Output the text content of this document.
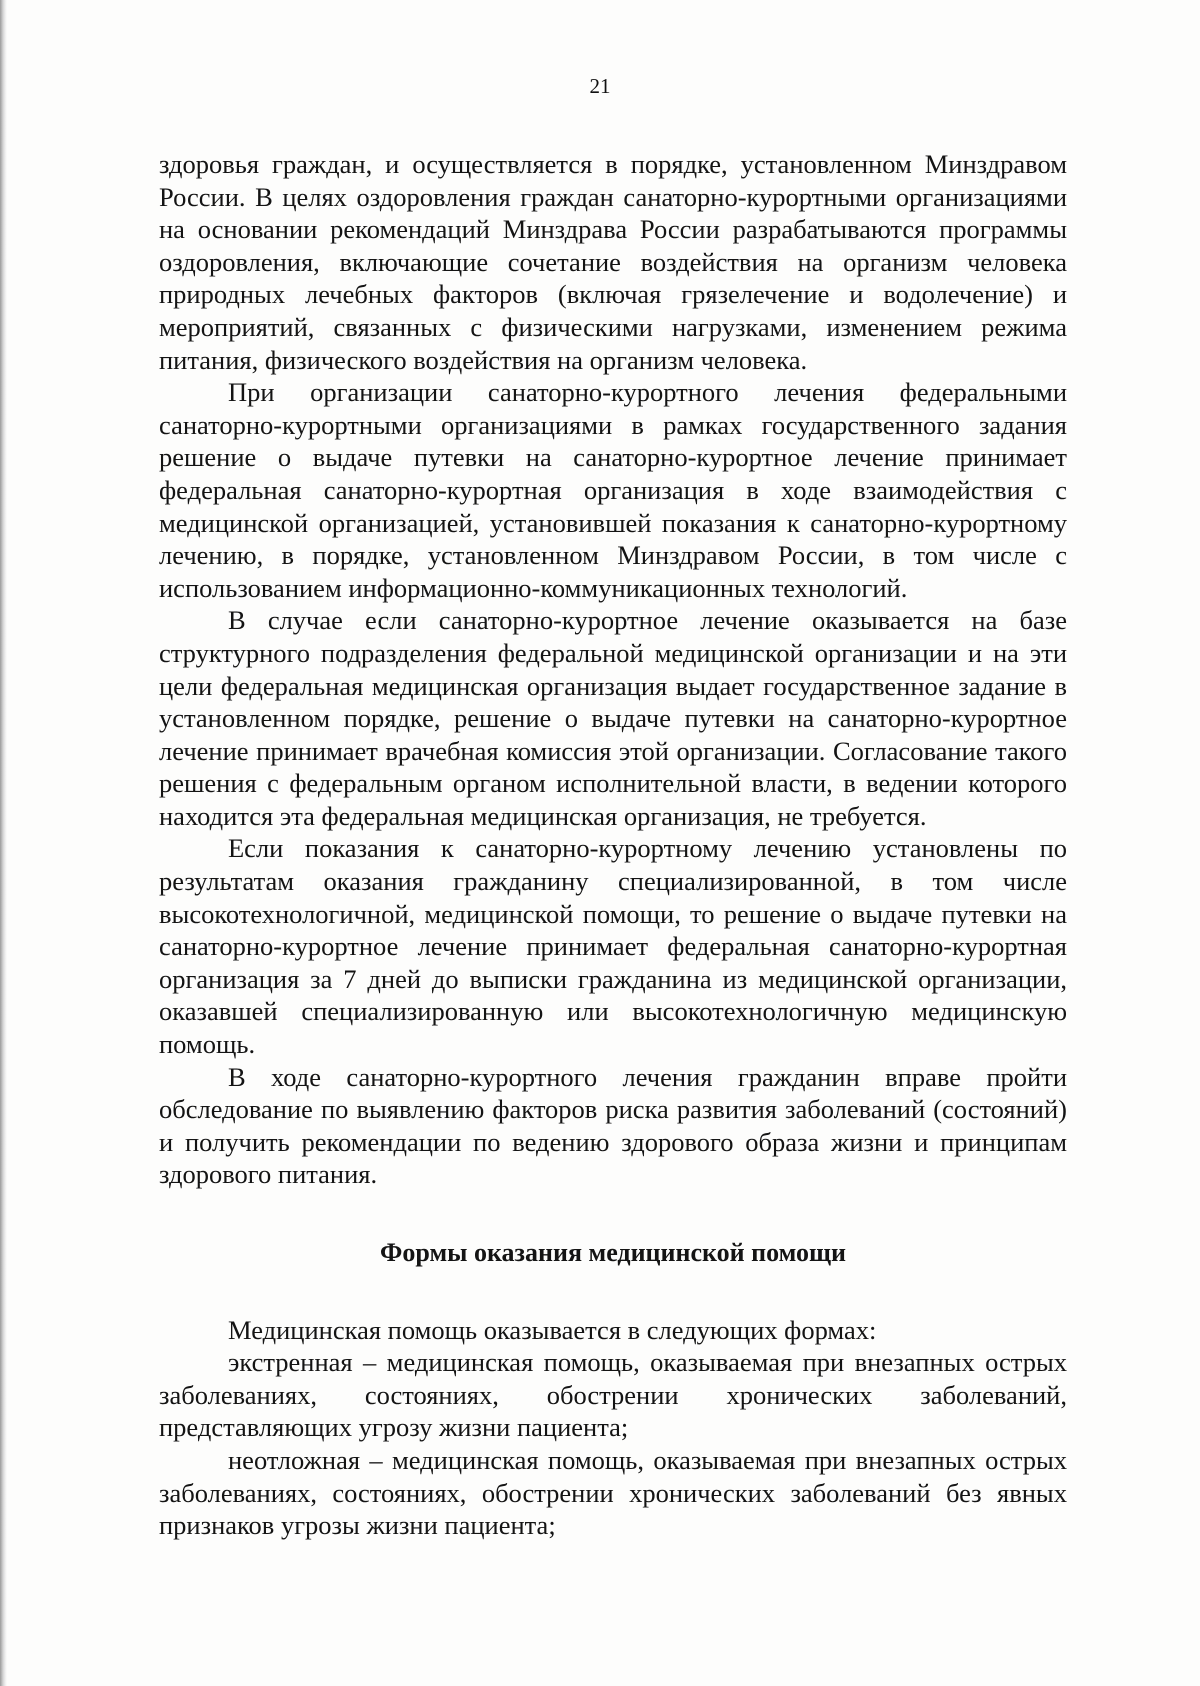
21

здоровья граждан, и осуществляется в порядке, установленном Минздравом России. В целях оздоровления граждан санаторно-курортными организациями на основании рекомендаций Минздрава России разрабатываются программы оздоровления, включающие сочетание воздействия на организм человека природных лечебных факторов (включая грязелечение и водолечение) и мероприятий, связанных с физическими нагрузками, изменением режима питания, физического воздействия на организм человека.

При организации санаторно-курортного лечения федеральными санаторно-курортными организациями в рамках государственного задания решение о выдаче путевки на санаторно-курортное лечение принимает федеральная санаторно-курортная организация в ходе взаимодействия с медицинской организацией, установившей показания к санаторно-курортному лечению, в порядке, установленном Минздравом России, в том числе с использованием информационно-коммуникационных технологий.

В случае если санаторно-курортное лечение оказывается на базе структурного подразделения федеральной медицинской организации и на эти цели федеральная медицинская организация выдает государственное задание в установленном порядке, решение о выдаче путевки на санаторно-курортное лечение принимает врачебная комиссия этой организации. Согласование такого решения с федеральным органом исполнительной власти, в ведении которого находится эта федеральная медицинская организация, не требуется.

Если показания к санаторно-курортному лечению установлены по результатам оказания гражданину специализированной, в том числе высокотехнологичной, медицинской помощи, то решение о выдаче путевки на санаторно-курортное лечение принимает федеральная санаторно-курортная организация за 7 дней до выписки гражданина из медицинской организации, оказавшей специализированную или высокотехнологичную медицинскую помощь.

В ходе санаторно-курортного лечения гражданин вправе пройти обследование по выявлению факторов риска развития заболеваний (состояний) и получить рекомендации по ведению здорового образа жизни и принципам здорового питания.

Формы оказания медицинской помощи

Медицинская помощь оказывается в следующих формах:

экстренная – медицинская помощь, оказываемая при внезапных острых заболеваниях, состояниях, обострении хронических заболеваний, представляющих угрозу жизни пациента;

неотложная – медицинская помощь, оказываемая при внезапных острых заболеваниях, состояниях, обострении хронических заболеваний без явных признаков угрозы жизни пациента;
